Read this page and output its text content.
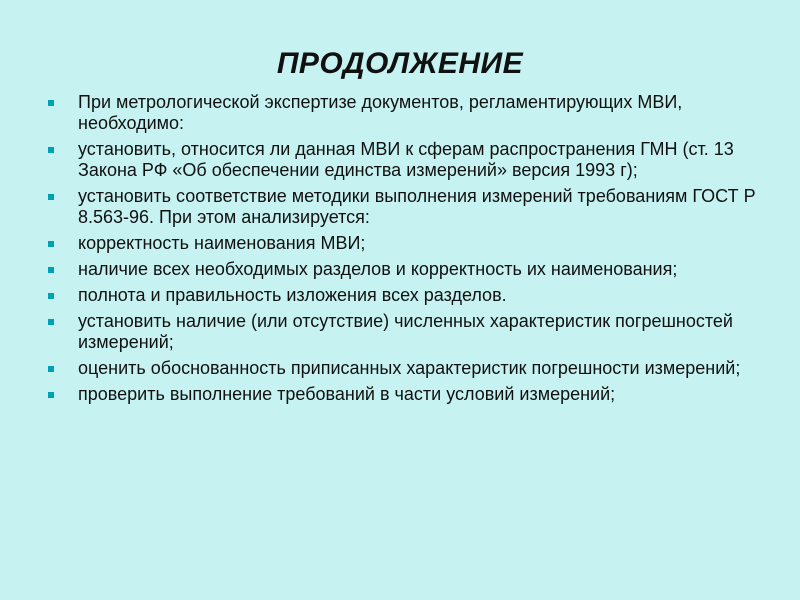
ПРОДОЛЖЕНИЕ
При метрологической экспертизе документов, регламентирующих МВИ, необходимо:
установить, относится ли данная МВИ к сферам распространения ГМН (ст. 13 Закона РФ «Об обеспечении единства измерений» версия 1993 г);
установить соответствие методики выполнения измерений требованиям ГОСТ Р 8.563-96. При этом анализируется:
корректность наименования МВИ;
наличие всех необходимых разделов и корректность их наименования;
полнота и правильность изложения всех разделов.
установить наличие (или отсутствие) численных характеристик погрешностей измерений;
оценить обоснованность приписанных характеристик погрешности измерений;
проверить выполнение требований в части условий измерений;
